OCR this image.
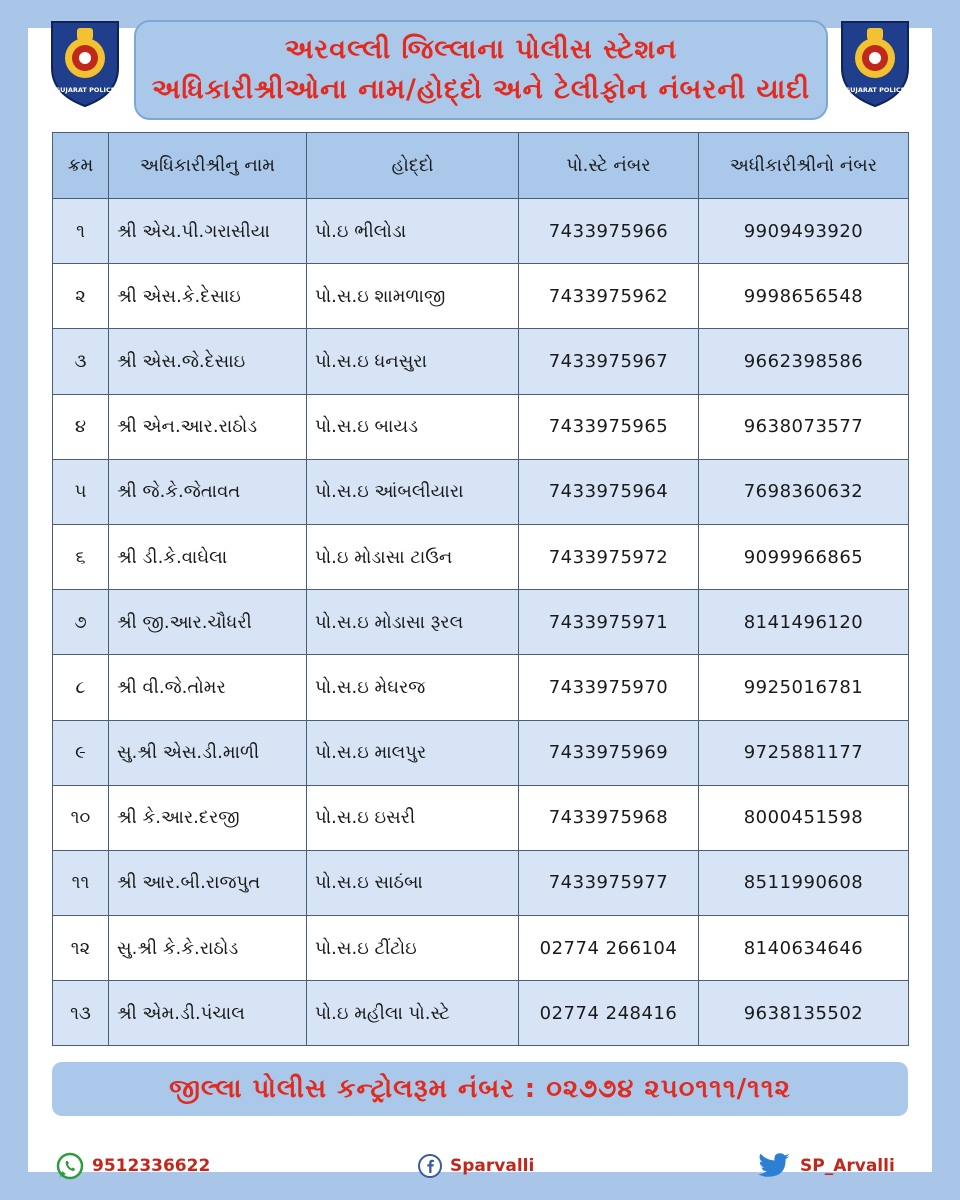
GUJARAT POLICE	GUJARAT POLICE
અરવલ્લી જિલ્લાના પોલીસ સ્ટેશન
અધિકારીશ્રીઓના નામ/હોદ્દો અને ટેલીફોન નંબરની યાદી
ક્રમ	અધિકારીશ્રીનુ નામ	હોદ્દો	પો.સ્ટે નંબર	અધીકારીશ્રીનો નંબર
૧	શ્રી એચ.પી.ગરાસીયા	પો.ઇ ભીલોડા	7433975966	9909493920
૨	શ્રી એસ.કે.દેસાઇ	પો.સ.ઇ શામળાજી	7433975962	9998656548
૩	શ્રી એસ.જે.દેસાઇ	પો.સ.ઇ ધનસુરા	7433975967	9662398586
૪	શ્રી એન.આર.રાઠોડ	પો.સ.ઇ બાયડ	7433975965	9638073577
૫	શ્રી જે.કે.જેતાવત	પો.સ.ઇ આંબલીયારા	7433975964	7698360632
૬	શ્રી ડી.કે.વાઘેલા	પો.ઇ મોડાસા ટાઉન	7433975972	9099966865
૭	શ્રી જી.આર.ચૌધરી	પો.સ.ઇ મોડાસા રૂરલ	7433975971	8141496120
૮	શ્રી વી.જે.તોમર	પો.સ.ઇ મેઘરજ	7433975970	9925016781
૯	સુ.શ્રી એસ.ડી.માળી	પો.સ.ઇ માલપુર	7433975969	9725881177
૧૦	શ્રી કે.આર.દરજી	પો.સ.ઇ ઇસરી	7433975968	8000451598
૧૧	શ્રી આર.બી.રાજપુત	પો.સ.ઇ સાઠંબા	7433975977	8511990608
૧૨	સુ.શ્રી કે.કે.રાઠોડ	પો.સ.ઇ ટીંટોઇ	02774 266104	8140634646
૧૩	શ્રી એમ.ડી.પંચાલ	પો.ઇ મહીલા પો.સ્ટે	02774 248416	9638135502
જીલ્લા પોલીસ કન્ટ્રોલરૂમ નંબર : ૦૨૭૭૪ ૨૫૦૧૧૧/૧૧૨
9512336622	Sparvalli	SP_Arvalli
